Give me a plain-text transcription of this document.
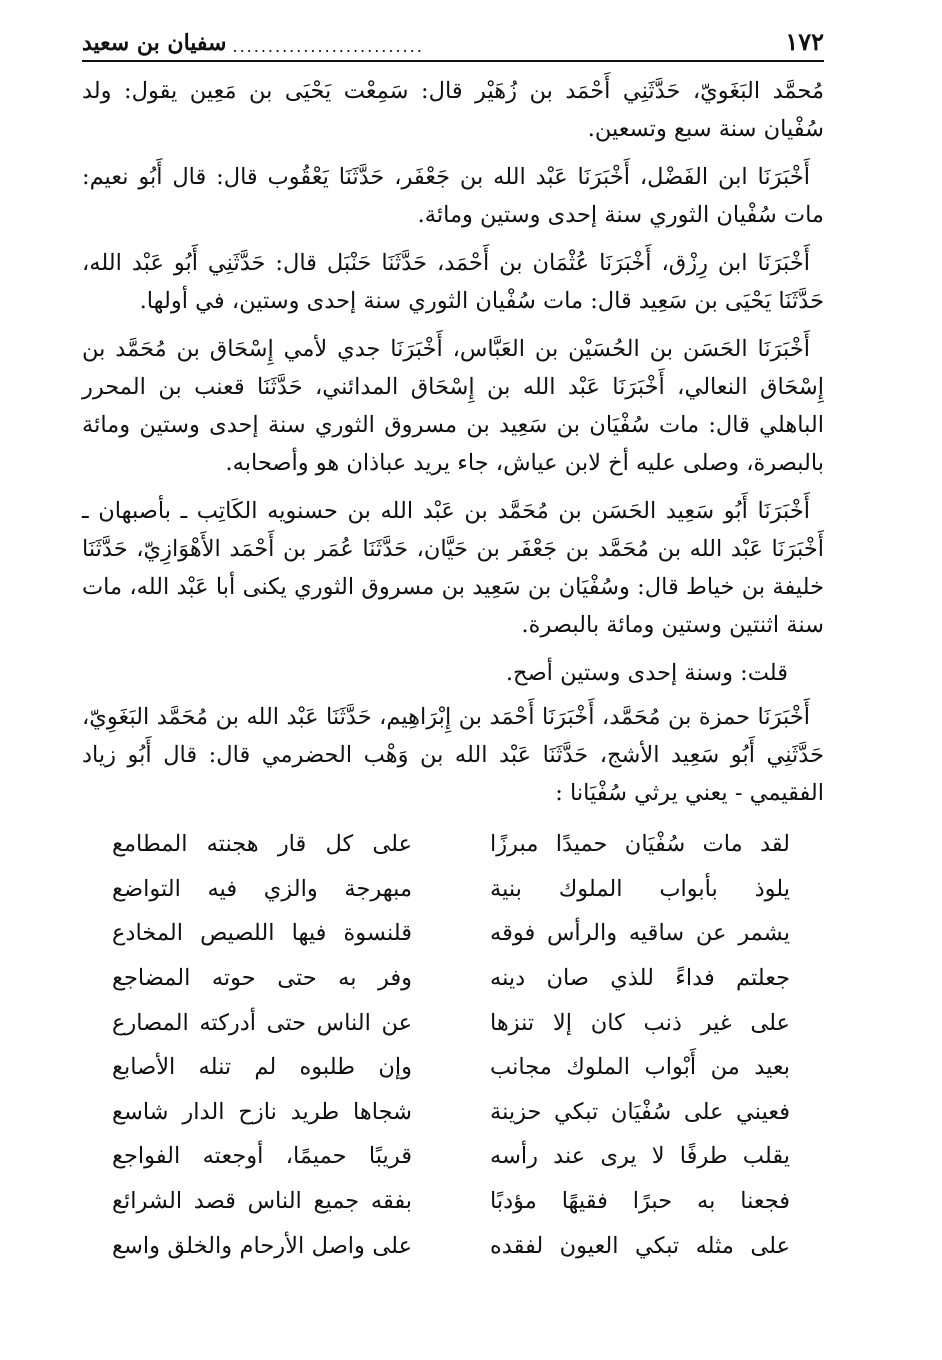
١٧٢
...........................
سفيان بن سعيد

مُحمَّد البَغَويّ، حَدَّثَنِي أَحْمَد بن زُهَيْر قال: سَمِعْت يَحْيَى بن مَعِين يقول: ولد سُفْيان سنة سبع وتسعين.

أَخْبَرَنَا ابن الفَضْل، أَخْبَرَنَا عَبْد الله بن جَعْفَر، حَدَّثَنَا يَعْقُوب قال: قال أَبُو نعيم: مات سُفْيان الثوري سنة إحدى وستين ومائة.

أَخْبَرَنَا ابن رِزْق، أَخْبَرَنَا عُثْمَان بن أَحْمَد، حَدَّثَنَا حَنْبَل قال: حَدَّثَنِي أَبُو عَبْد الله، حَدَّثَنَا يَحْيَى بن سَعِيد قال: مات سُفْيان الثوري سنة إحدى وستين، في أولها.

أَخْبَرَنَا الحَسَن بن الحُسَيْن بن العَبَّاس، أَخْبَرَنَا جدي لأمي إِسْحَاق بن مُحَمَّد بن إِسْحَاق النعالي، أَخْبَرَنَا عَبْد الله بن إِسْحَاق المدائني، حَدَّثَنَا قعنب بن المحرر الباهلي قال: مات سُفْيَان بن سَعِيد بن مسروق الثوري سنة إحدى وستين ومائة بالبصرة، وصلى عليه أخ لابن عياش، جاء يريد عباذان هو وأصحابه.

أَخْبَرَنَا أَبُو سَعِيد الحَسَن بن مُحَمَّد بن عَبْد الله بن حسنويه الكَاتِب ـ بأصبهان ـ أَخْبَرَنَا عَبْد الله بن مُحَمَّد بن جَعْفَر بن حَيَّان، حَدَّثَنَا عُمَر بن أَحْمَد الأَهْوَازِيّ، حَدَّثَنَا خليفة بن خياط قال: وسُفْيَان بن سَعِيد بن مسروق الثوري يكنى أبا عَبْد الله، مات سنة اثنتين وستين ومائة بالبصرة.

قلت: وسنة إحدى وستين أصح.

أَخْبَرَنَا حمزة بن مُحَمَّد، أَخْبَرَنَا أَحْمَد بن إِبْرَاهِيم، حَدَّثَنَا عَبْد الله بن مُحَمَّد البَغَوِيّ، حَدَّثَنِي أَبُو سَعِيد الأشج، حَدَّثَنَا عَبْد الله بن وَهْب الحضرمي قال: قال أَبُو زياد الفقيمي - يعني يرثي سُفْيَانا :

لقد مات سُفْيَان حميدًا مبرزًا
على كل قار هجنته المطامع
يلوذ بأبواب الملوك بنية
مبهرجة والزي فيه التواضع
يشمر عن ساقيه والرأس فوقه
قلنسوة فيها اللصيص المخادع
جعلتم فداءً للذي صان دينه
وفر به حتى حوته المضاجع
على غير ذنب كان إلا تنزها
عن الناس حتى أدركته المصارع
بعيد من أَبْواب الملوك مجانب
وإن طلبوه لم تنله الأصابع
فعيني على سُفْيَان تبكي حزينة
شجاها طريد نازح الدار شاسع
يقلب طرفًا لا يرى عند رأسه
قريبًا حميمًا، أوجعته الفواجع
فجعنا به حبرًا فقيهًا مؤدبًا
بفقه جميع الناس قصد الشرائع
على مثله تبكي العيون لفقده
على واصل الأرحام والخلق واسع
